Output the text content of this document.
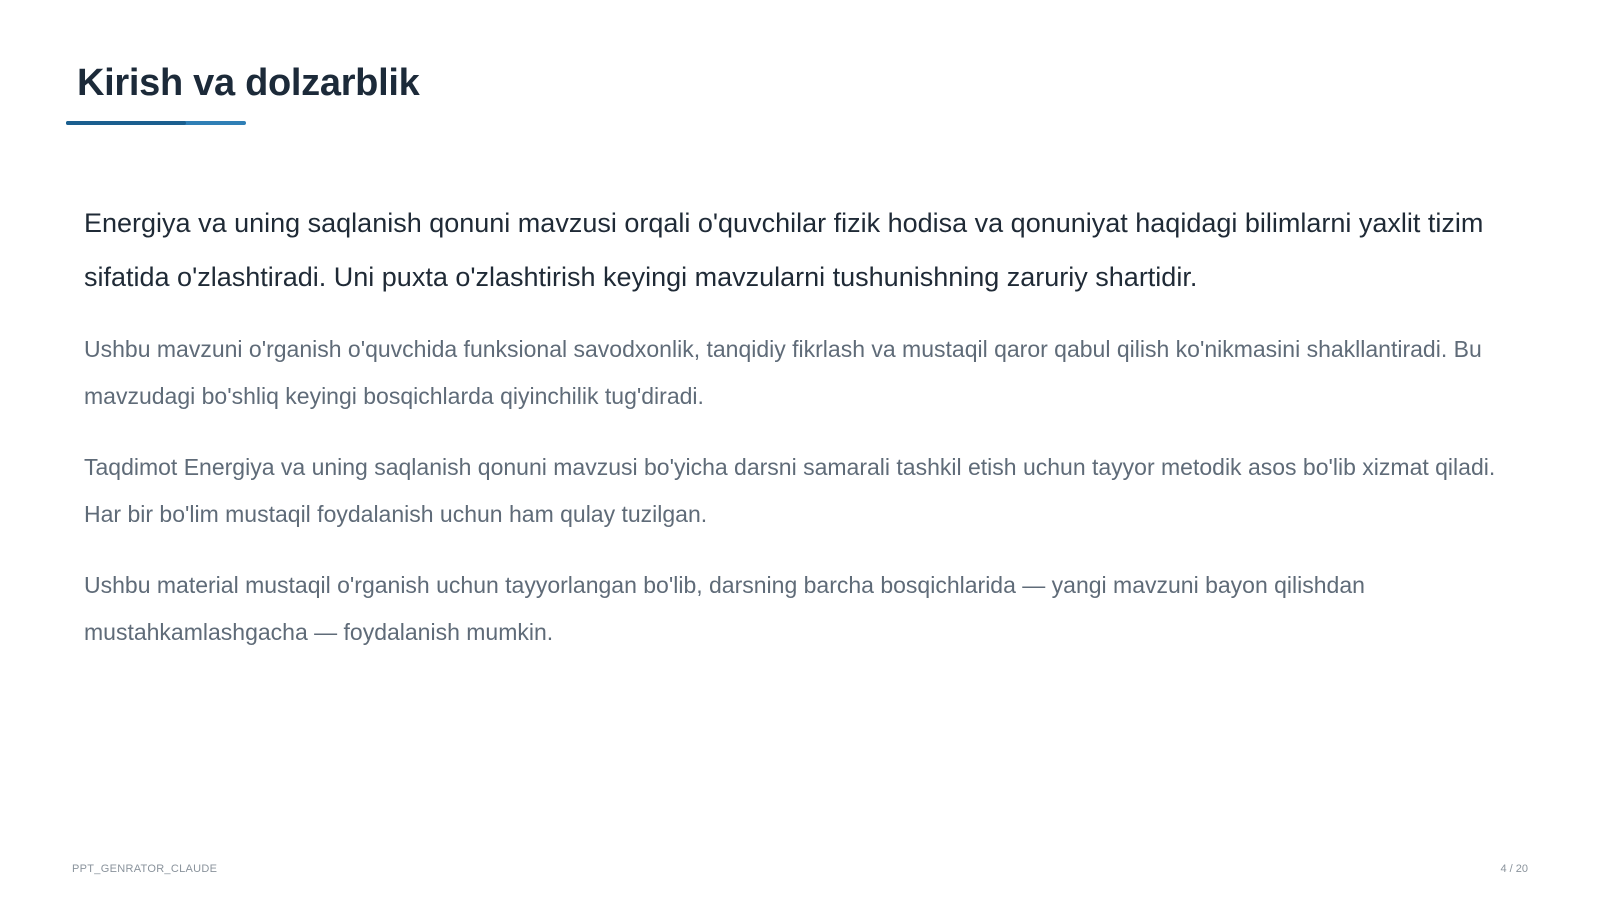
Kirish va dolzarblik

Energiya va uning saqlanish qonuni mavzusi orqali o'quvchilar fizik hodisa va qonuniyat haqidagi bilimlarni yaxlit tizim sifatida o'zlashtiradi. Uni puxta o'zlashtirish keyingi mavzularni tushunishning zaruriy shartidir.

Ushbu mavzuni o'rganish o'quvchida funksional savodxonlik, tanqidiy fikrlash va mustaqil qaror qabul qilish ko'nikmasini shakllantiradi. Bu mavzudagi bo'shliq keyingi bosqichlarda qiyinchilik tug'diradi.

Taqdimot Energiya va uning saqlanish qonuni mavzusi bo'yicha darsni samarali tashkil etish uchun tayyor metodik asos bo'lib xizmat qiladi. Har bir bo'lim mustaqil foydalanish uchun ham qulay tuzilgan.

Ushbu material mustaqil o'rganish uchun tayyorlangan bo'lib, darsning barcha bosqichlarida — yangi mavzuni bayon qilishdan mustahkamlashgacha — foydalanish mumkin.

PPT_GENRATOR_CLAUDE	4 / 20
